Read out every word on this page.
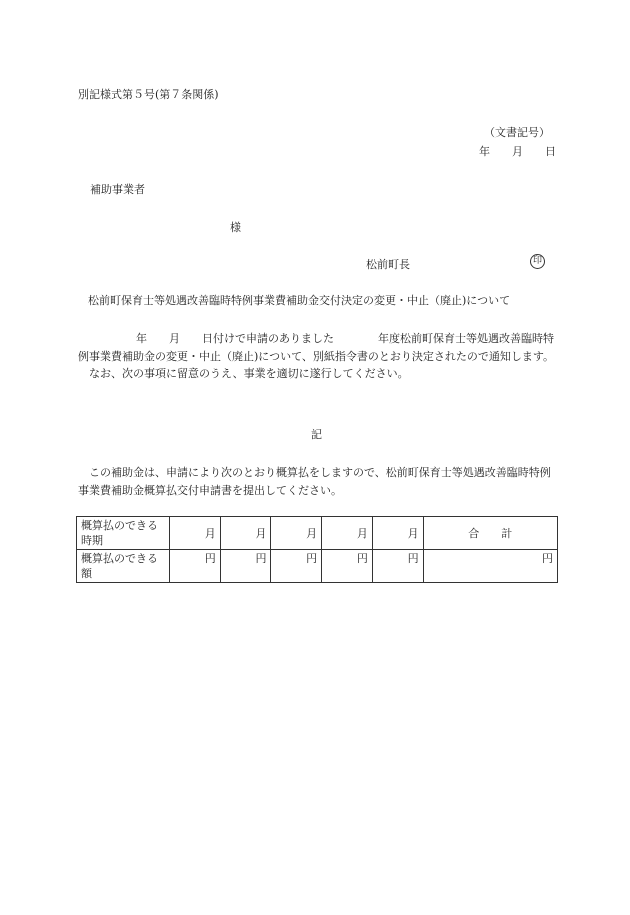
別記様式第５号(第７条関係)
（文書記号）
年 月 日
補助事業者
様
松前町長	印
松前町保育士等処遇改善臨時特例事業費補助金交付決定の変更・中止（廃止)について

年　　月　　日付けで申請のありました	年度松前町保育士等処遇改善臨時特例事業費補助金の変更・中止（廃止)について、別紙指令書のとおり決定されたので通知します。

なお、次の事項に留意のうえ、事業を適切に遂行してください。

記
この補助金は、申請により次のとおり概算払をしますので、松前町保育士等処遇改善臨時特例事業費補助金概算払交付申請書を提出してください。
概算払のできる時期	月	月	月	月	月	合　　計
概算払のできる額	円	円	円	円	円	円
